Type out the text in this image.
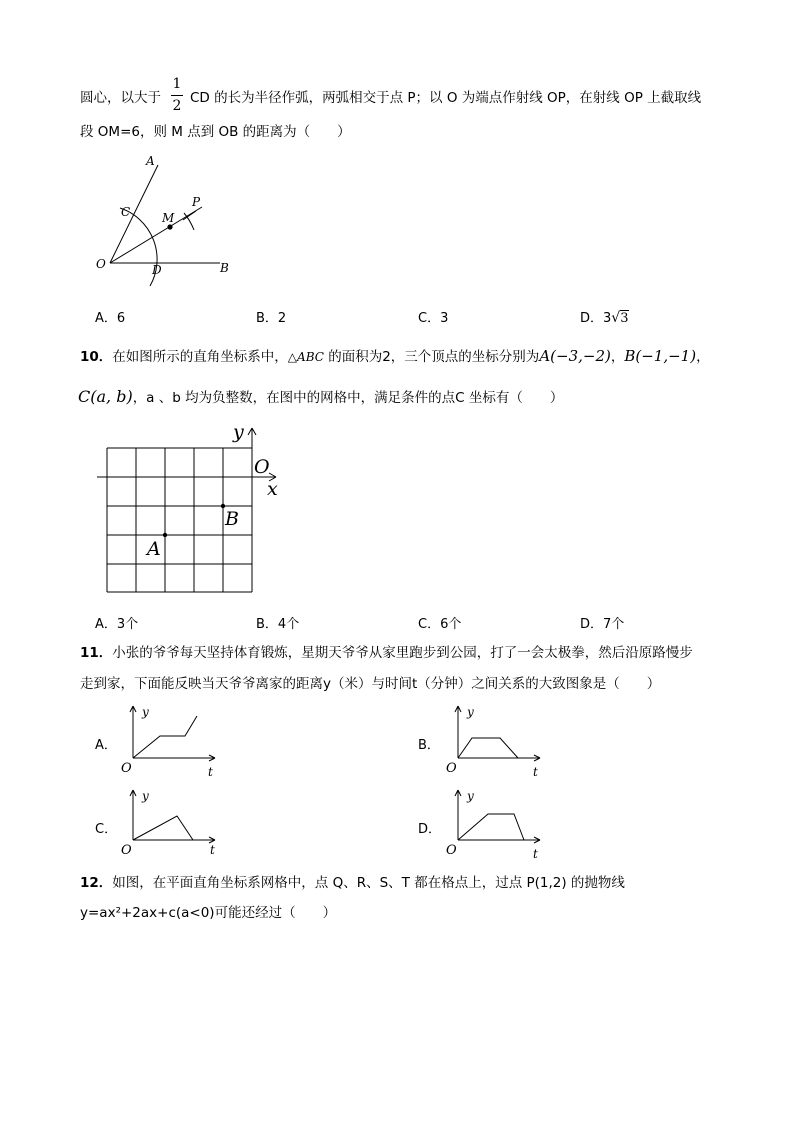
圆心，以大于
1
2 CD 的长为半径作弧，两弧相交于点 P；以 O 为端点作射线 OP，在射线 OP 上截取线
段 OM=6，则 M 点到 OB 的距离为（　　）
A
C	M
P
O	D	B
A．6	B．2	C．3	D．3√3
10．在如图所示的直角坐标系中，△ABC 的面积为2，三个顶点的坐标分别为A(−3,−2)，B(−1,−1)，
C(a, b)，a 、b 均为负整数，在图中的网格中，满足条件的点C 坐标有（　　）
y
O
x
B
A
A．3个	B．4个	C．6个	D．7个
11．小张的爷爷每天坚持体育锻炼，星期天爷爷从家里跑步到公园，打了一会太极拳，然后沿原路慢步
走到家，下面能反映当天爷爷离家的距离y（米）与时间t（分钟）之间关系的大致图象是（　　）
A．
y
O	t
B．
y
O	t
C．
y
O	t
D．
y
O	t
12．如图，在平面直角坐标系网格中，点 Q、R、S、T 都在格点上，过点 P(1,2) 的抛物线
y=ax²+2ax+c(a<0)可能还经过（　　）
